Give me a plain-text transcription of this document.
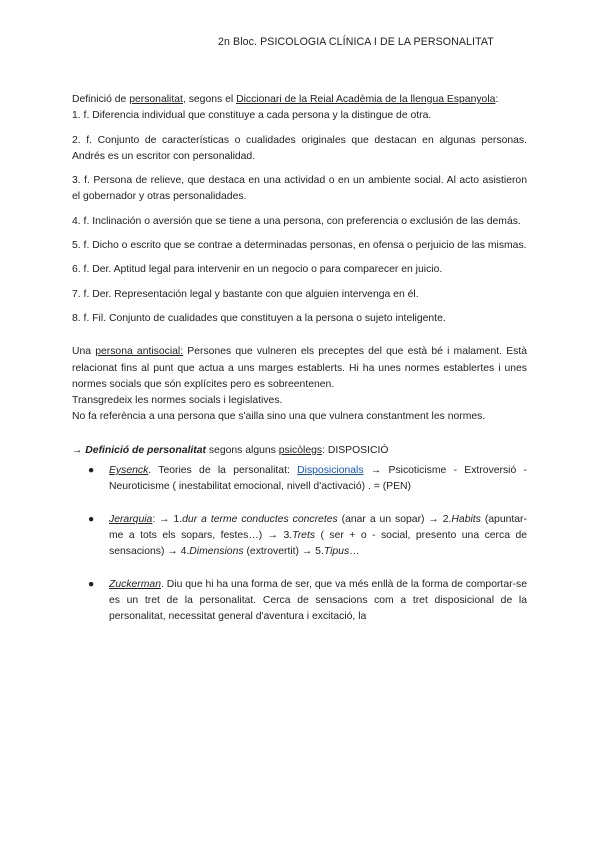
2n Bloc. PSICOLOGIA CLÍNICA I DE LA PERSONALITAT

Definició de personalitat, segons el Diccionari de la Reial Acadèmia de la llengua Espanyola:

1. f. Diferencia individual que constituye a cada persona y la distingue de otra.

2. f. Conjunto de características o cualidades originales que destacan en algunas personas. Andrés es un escritor con personalidad.

3. f. Persona de relieve, que destaca en una actividad o en un ambiente social. Al acto asistieron el gobernador y otras personalidades.

4. f. Inclinación o aversión que se tiene a una persona, con preferencia o exclusión de las demás.

5. f. Dicho o escrito que se contrae a determinadas personas, en ofensa o perjuicio de las mismas.

6. f. Der. Aptitud legal para intervenir en un negocio o para comparecer en juicio.

7. f. Der. Representación legal y bastante con que alguien intervenga en él.

8. f. Fil. Conjunto de cualidades que constituyen a la persona o sujeto inteligente.

Una persona antisocial: Persones que vulneren els preceptes del que està bé i malament. Està relacionat fins al punt que actua a uns marges establerts. Hi ha unes normes establertes i unes normes socials que són explícites pero es sobreentenen.

Transgredeix les normes socials i legislatives.

No fa referència a una persona que s'ailla sino una que vulnera constantment les normes.

→ Definició de personalitat segons alguns psicòlegs: DISPOSICIÓ

● Eysenck. Teories de la personalitat: Disposicionals → Psicoticisme - Extroversió - Neuroticisme ( inestabilitat emocional, nivell d'activació) . = (PEN)
● Jerarquia: → 1.dur a terme conductes concretes (anar a un sopar) → 2.Habits (apuntar-me a tots els sopars, festes…) → 3.Trets ( ser + o - social, presento una cerca de sensacions) → 4.Dimensions (extrovertit) → 5.Tipus…
● Zuckerman. Diu que hi ha una forma de ser, que va més enllà de la forma de comportar-se es un tret de la personalitat. Cerca de sensacions com a tret disposicional de la personalitat, necessitat general d'aventura i excitació, la
